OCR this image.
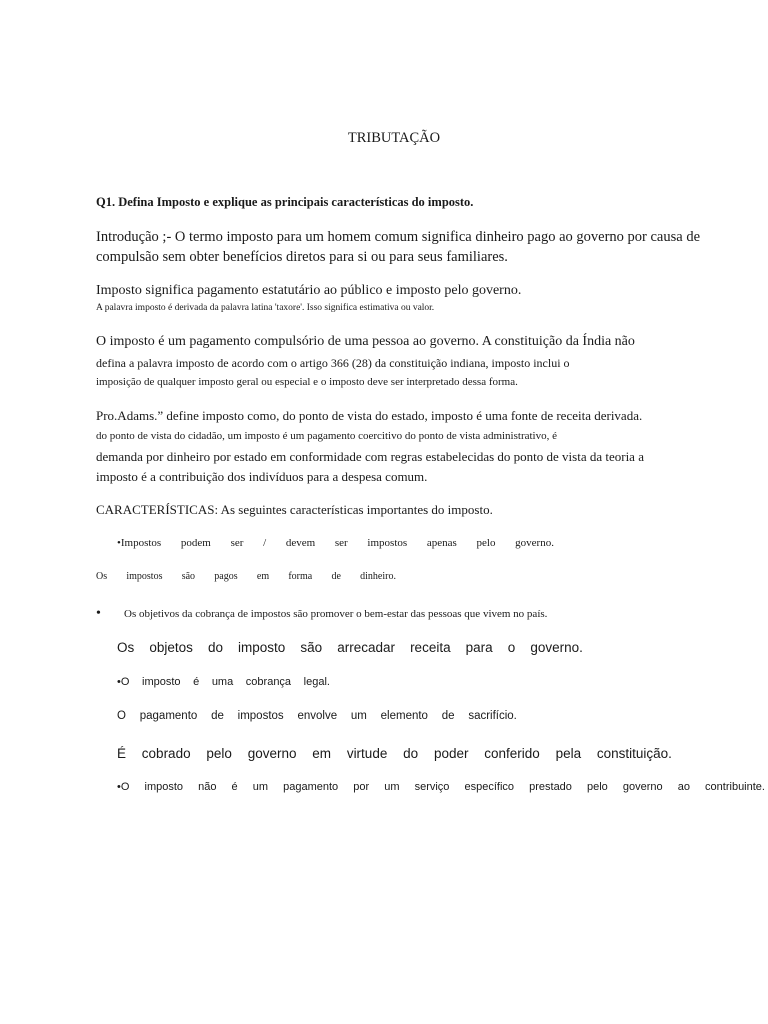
TRIBUTAÇÃO
Q1. Defina Imposto e explique as principais características do imposto.
Introdução ;- O termo imposto para um homem comum significa dinheiro pago ao governo por causa de
compulsão sem obter benefícios diretos para si ou para seus familiares.
Imposto significa pagamento estatutário ao público e imposto pelo governo.
A palavra imposto é derivada da palavra latina 'taxore'. Isso significa estimativa ou valor.
O imposto é um pagamento compulsório de uma pessoa ao governo. A constituição da Índia não
defina a palavra imposto de acordo com o artigo 366 (28) da constituição indiana, imposto inclui o
imposição de qualquer imposto geral ou especial e o imposto deve ser interpretado dessa forma.
Pro.Adams.” define imposto como, do ponto de vista do estado, imposto é uma fonte de receita derivada.
do ponto de vista do cidadão, um imposto é um pagamento coercitivo do ponto de vista administrativo, é
demanda por dinheiro por estado em conformidade com regras estabelecidas do ponto de vista da teoria a
imposto é a contribuição dos indivíduos para a despesa comum.
CARACTERÍSTICAS: As seguintes características importantes do imposto.
•Impostos podem ser / devem ser impostos apenas pelo governo.
Os impostos são pagos em forma de dinheiro.
• Os objetivos da cobrança de impostos são promover o bem-estar das pessoas que vivem no país.
Os objetos do imposto são arrecadar receita para o governo.
•O imposto é uma cobrança legal.
O pagamento de impostos envolve um elemento de sacrifício.
É cobrado pelo governo em virtude do poder conferido pela constituição.
•O imposto não é um pagamento por um serviço específico prestado pelo governo ao contribuinte.
